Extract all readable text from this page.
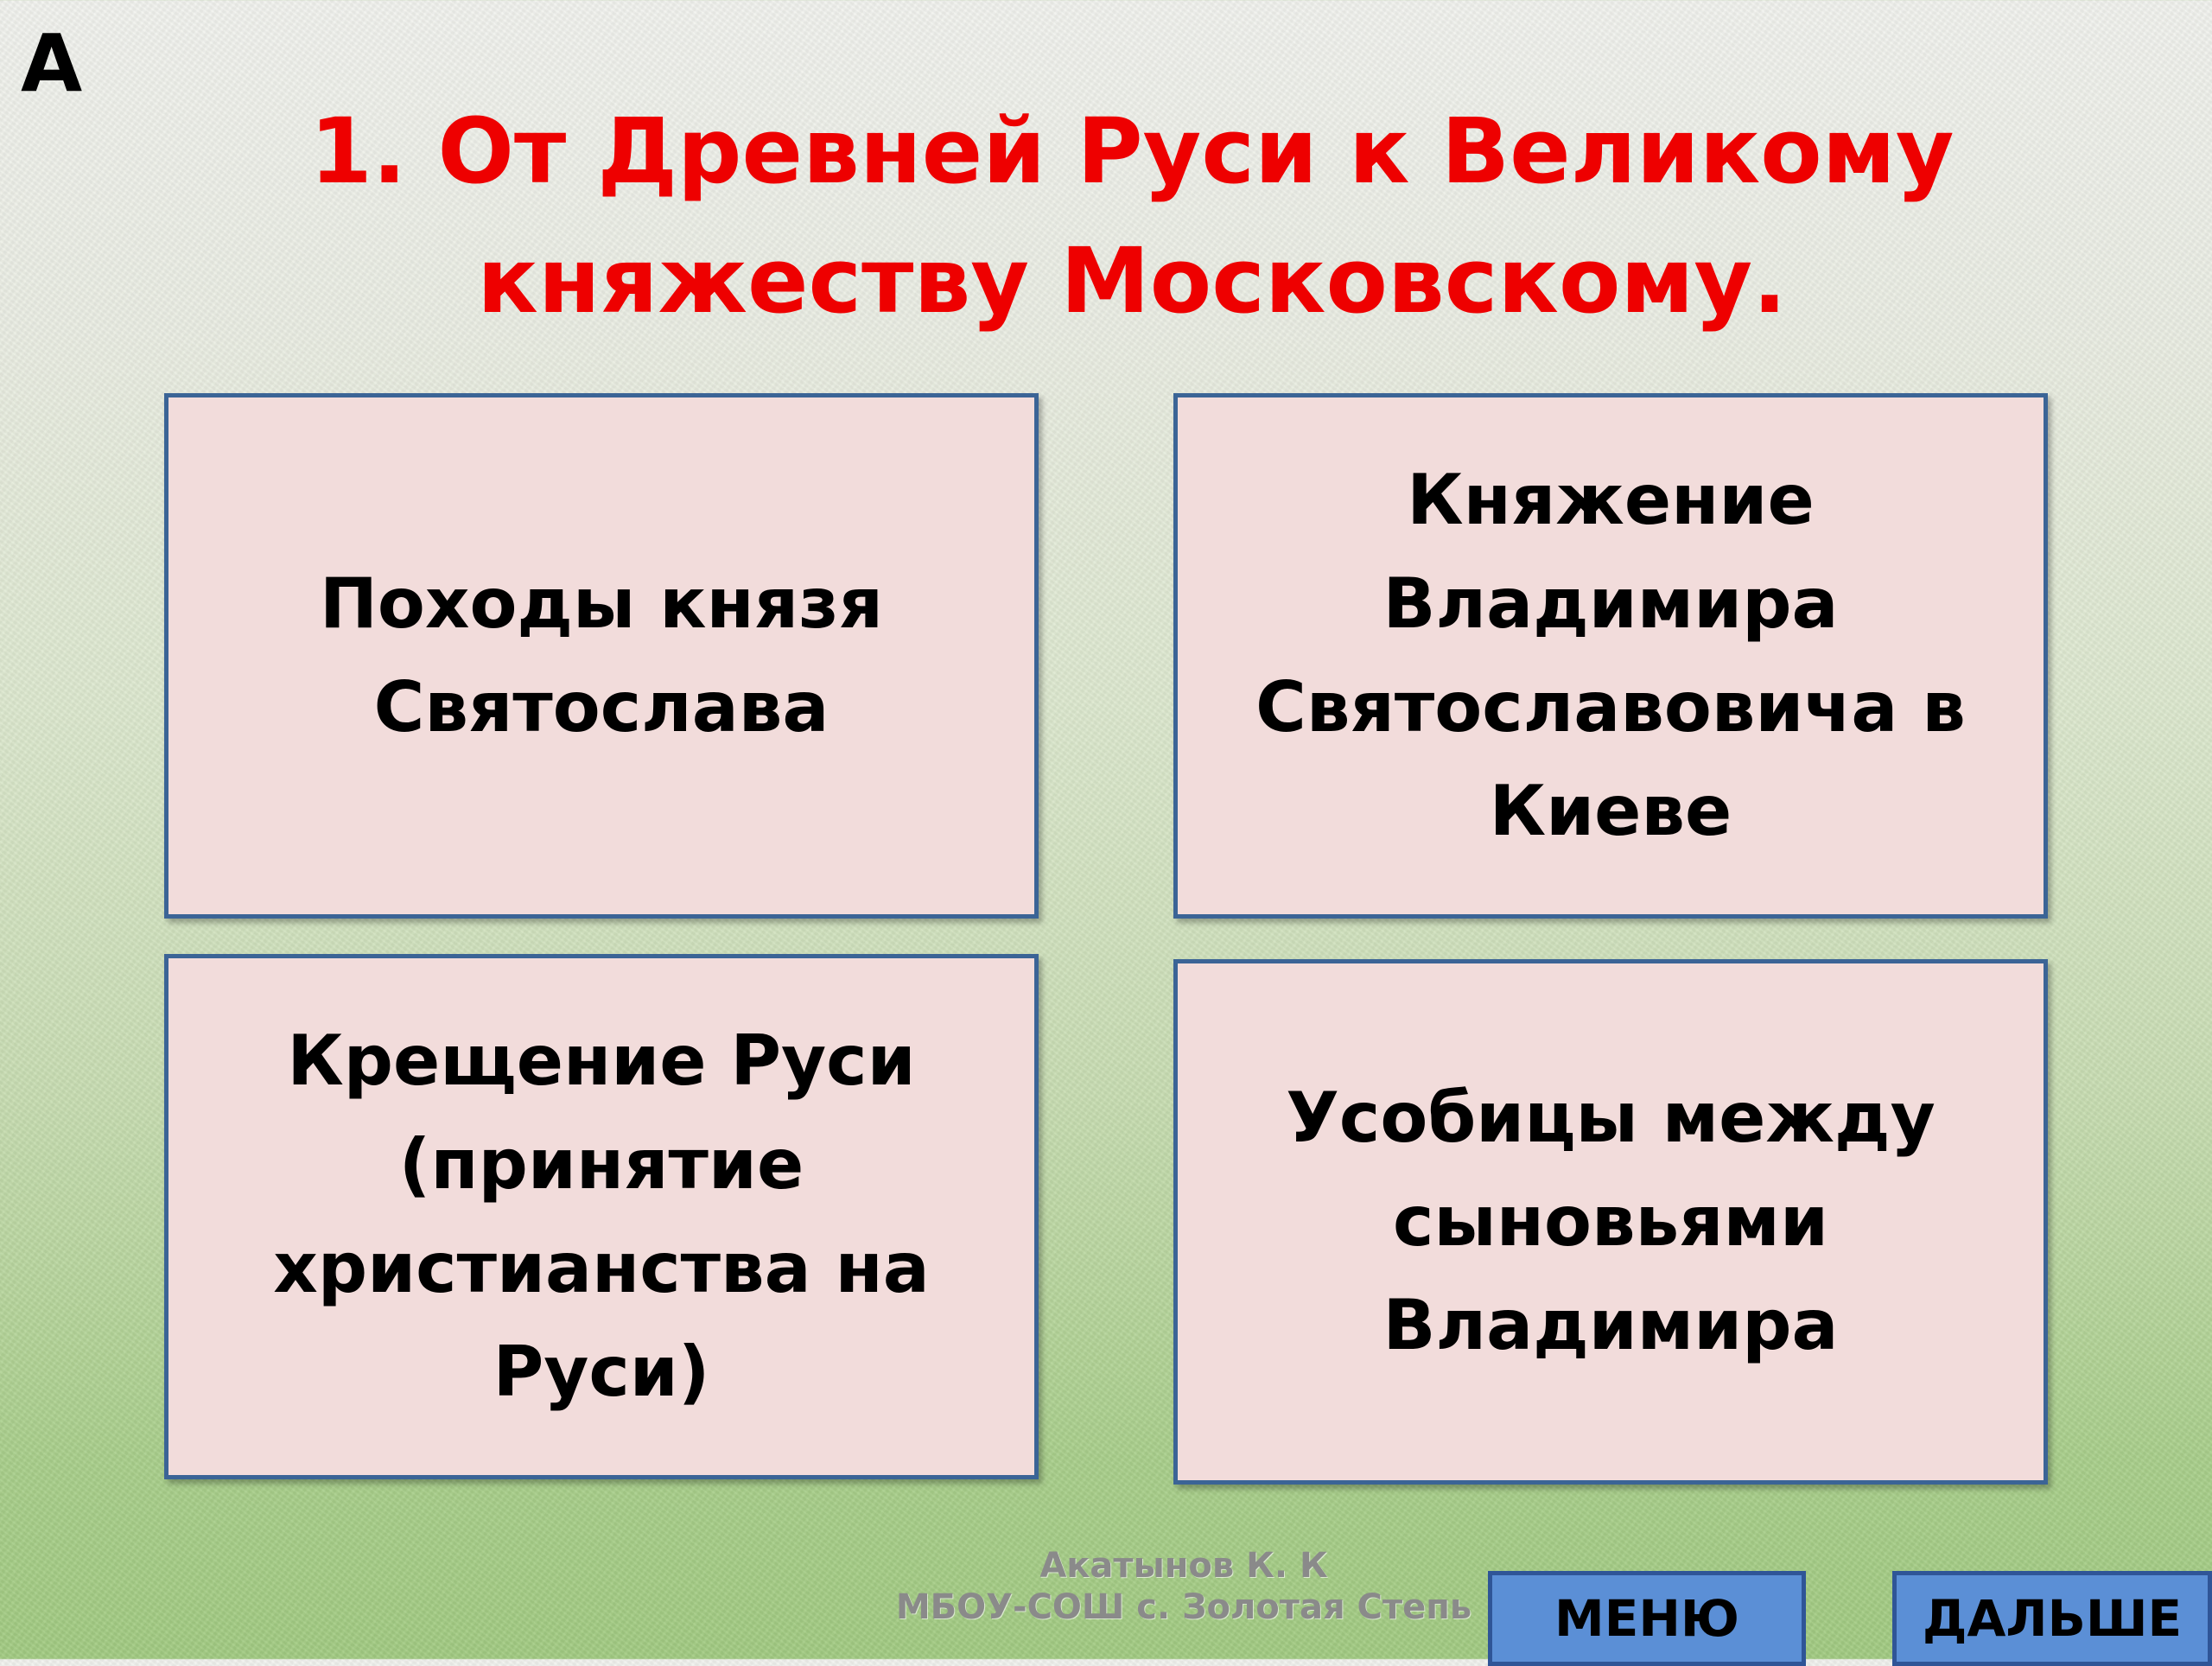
А
1. От Древней Руси к Великому
княжеству Московскому.
Походы князя
Святослава
Княжение
Владимира
Святославовича в
Киеве
Крещение Руси
(принятие
христианства на Руси)
Усобицы между
сыновьями
Владимира
Акатынов К. К
МБОУ-СОШ с. Золотая Степь	МЕНЮ	ДАЛЬШЕ
